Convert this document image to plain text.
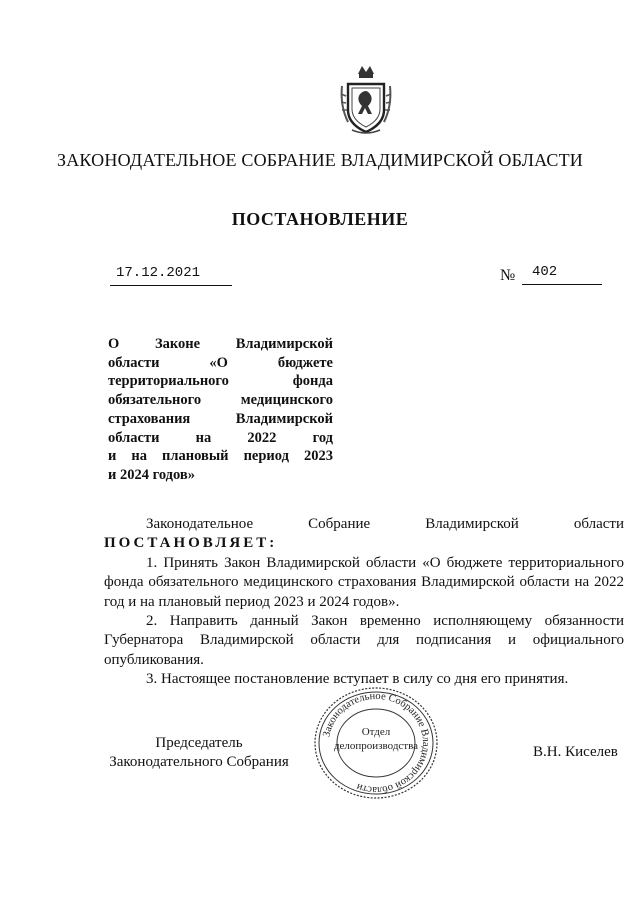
ЗАКОНОДАТЕЛЬНОЕ СОБРАНИЕ ВЛАДИМИРСКОЙ ОБЛАСТИ
ПОСТАНОВЛЕНИЕ
17.12.2021	№ 402
О Законе Владимирской
области «О бюджете
территориального фонда
обязательного медицинского
страхования Владимирской
области на 2022 год
и на плановый период 2023
и 2024 годов»
Законодательное Собрание Владимирской области
ПОСТАНОВЛЯЕТ:

1. Принять Закон Владимирской области «О бюджете территориального фонда обязательного медицинского страхования Владимирской области на 2022 год и на плановый период 2023 и 2024 годов».

2. Направить данный Закон временно исполняющему обязанности Губернатора Владимирской области для подписания и официального опубликования.

3. Настоящее постановление вступает в силу со дня его принятия.

Председатель
Законодательного Собрания
В.Н. Киселев
Законодательное Собрание Владимирской области
Отдел
делопроизводства
